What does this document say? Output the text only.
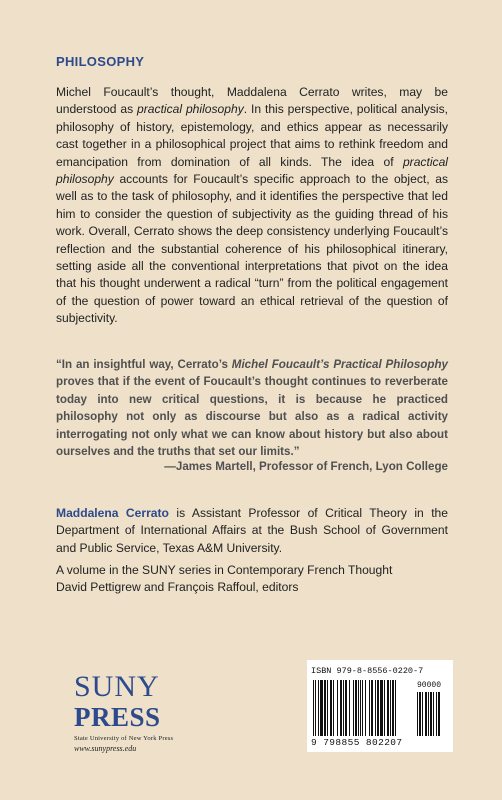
PHILOSOPHY

Michel Foucault’s thought, Maddalena Cerrato writes, may be understood as practical philosophy. In this perspective, political analysis, philosophy of history, epistemology, and ethics appear as necessarily cast together in a philosophical project that aims to rethink freedom and emancipation from domination of all kinds. The idea of practical philosophy accounts for Foucault’s specific approach to the object, as well as to the task of philosophy, and it identifies the perspective that led him to consider the question of subjectivity as the guiding thread of his work. Overall, Cerrato shows the deep consistency underlying Foucault’s reflection and the substantial coherence of his philosophical itinerary, setting aside all the conventional interpretations that pivot on the idea that his thought underwent a radical “turn” from the political engagement of the question of power toward an ethical retrieval of the question of subjectivity.

“In an insightful way, Cerrato’s Michel Foucault’s Practical Philosophy proves that if the event of Foucault’s thought continues to reverberate today into new critical questions, it is because he practiced philosophy not only as discourse but also as a radical activity interrogating not only what we can know about history but also about ourselves and the truths that set our limits.”
—James Martell, Professor of French, Lyon College
Maddalena Cerrato is Assistant Professor of Critical Theory in the Department of International Affairs at the Bush School of Government and Public Service, Texas A&M University.
A volume in the SUNY series in Contemporary French Thought
David Pettigrew and François Raffoul, editors
SUNY
PRESS
State University of New York Press
www.sunypress.edu
ISBN 979-8-8556-0220-7
90000
9 798855 802207
